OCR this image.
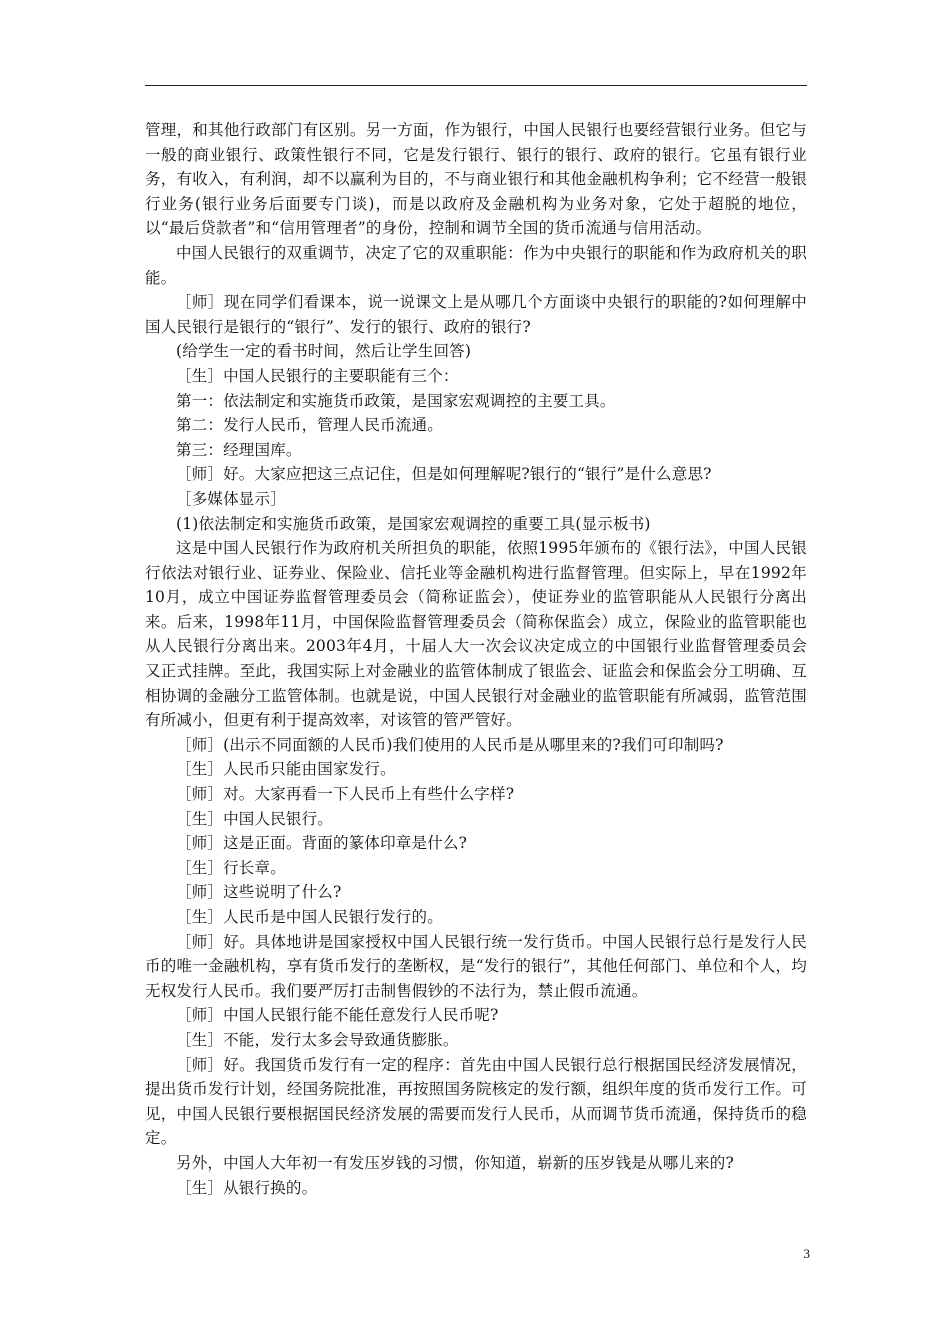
管理，和其他行政部门有区别。另一方面，作为银行，中国人民银行也要经营银行业务。但它与一般的商业银行、政策性银行不同，它是发行银行、银行的银行、政府的银行。它虽有银行业务，有收入，有利润，却不以赢利为目的，不与商业银行和其他金融机构争利；它不经营一般银行业务(银行业务后面要专门谈)，而是以政府及金融机构为业务对象，它处于超脱的地位，以“最后贷款者”和“信用管理者”的身份，控制和调节全国的货币流通与信用活动。

中国人民银行的双重调节，决定了它的双重职能：作为中央银行的职能和作为政府机关的职能。

［师］现在同学们看课本，说一说课文上是从哪几个方面谈中央银行的职能的?如何理解中国人民银行是银行的“银行”、发行的银行、政府的银行?

(给学生一定的看书时间，然后让学生回答)

［生］中国人民银行的主要职能有三个：

第一：依法制定和实施货币政策，是国家宏观调控的主要工具。

第二：发行人民币，管理人民币流通。

第三：经理国库。

［师］好。大家应把这三点记住，但是如何理解呢?银行的“银行”是什么意思?

［多媒体显示］

(1)依法制定和实施货币政策，是国家宏观调控的重要工具(显示板书)

这是中国人民银行作为政府机关所担负的职能，依照1995年颁布的《银行法》，中国人民银行依法对银行业、证券业、保险业、信托业等金融机构进行监督管理。但实际上，早在1992年10月，成立中国证券监督管理委员会（简称证监会），使证券业的监管职能从人民银行分离出来。后来，1998年11月，中国保险监督管理委员会（简称保监会）成立，保险业的监管职能也从人民银行分离出来。2003年4月，十届人大一次会议决定成立的中国银行业监督管理委员会又正式挂牌。至此，我国实际上对金融业的监管体制成了银监会、证监会和保监会分工明确、互相协调的金融分工监管体制。也就是说，中国人民银行对金融业的监管职能有所减弱，监管范围有所减小，但更有利于提高效率，对该管的管严管好。

［师］(出示不同面额的人民币)我们使用的人民币是从哪里来的?我们可印制吗?

［生］人民币只能由国家发行。

［师］对。大家再看一下人民币上有些什么字样?

［生］中国人民银行。

［师］这是正面。背面的篆体印章是什么?

［生］行长章。

［师］这些说明了什么?

［生］人民币是中国人民银行发行的。

［师］好。具体地讲是国家授权中国人民银行统一发行货币。中国人民银行总行是发行人民币的唯一金融机构，享有货币发行的垄断权，是“发行的银行”，其他任何部门、单位和个人，均无权发行人民币。我们要严厉打击制售假钞的不法行为，禁止假币流通。

［师］中国人民银行能不能任意发行人民币呢?

［生］不能，发行太多会导致通货膨胀。

［师］好。我国货币发行有一定的程序：首先由中国人民银行总行根据国民经济发展情况，提出货币发行计划，经国务院批准，再按照国务院核定的发行额，组织年度的货币发行工作。可见，中国人民银行要根据国民经济发展的需要而发行人民币，从而调节货币流通，保持货币的稳定。

另外，中国人大年初一有发压岁钱的习惯，你知道，崭新的压岁钱是从哪儿来的?

［生］从银行换的。

3
